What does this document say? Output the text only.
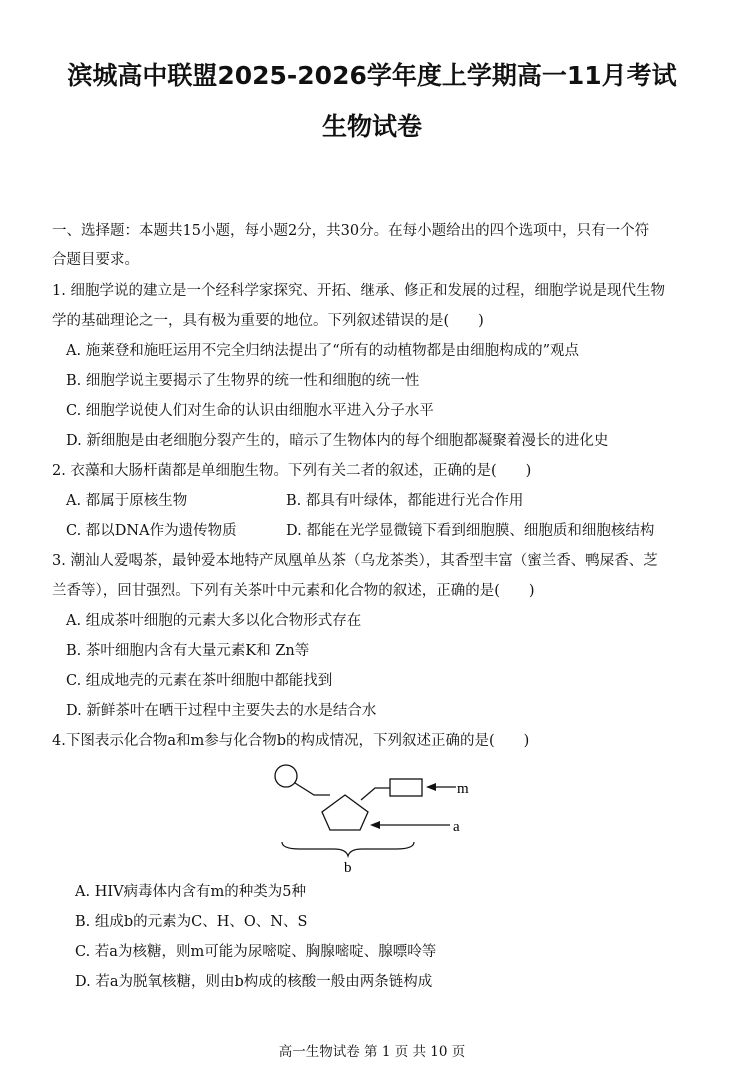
滨城高中联盟2025-2026学年度上学期高一11月考试
生物试卷
一、选择题：本题共15小题，每小题2分，共30分。在每小题给出的四个选项中，只有一个符
合题目要求。
1. 细胞学说的建立是一个经科学家探究、开拓、继承、修正和发展的过程，细胞学说是现代生物
学的基础理论之一，具有极为重要的地位。下列叙述错误的是(　　)
A. 施莱登和施旺运用不完全归纳法提出了“所有的动植物都是由细胞构成的”观点
B. 细胞学说主要揭示了生物界的统一性和细胞的统一性
C. 细胞学说使人们对生命的认识由细胞水平进入分子水平
D. 新细胞是由老细胞分裂产生的，暗示了生物体内的每个细胞都凝聚着漫长的进化史
2. 衣藻和大肠杆菌都是单细胞生物。下列有关二者的叙述，正确的是(　　)
A. 都属于原核生物	B. 都具有叶绿体，都能进行光合作用
C. 都以DNA作为遗传物质	D. 都能在光学显微镜下看到细胞膜、细胞质和细胞核结构
3. 潮汕人爱喝茶，最钟爱本地特产凤凰单丛茶（乌龙茶类），其香型丰富（蜜兰香、鸭屎香、芝
兰香等），回甘强烈。下列有关茶叶中元素和化合物的叙述，正确的是(　　)
A. 组成茶叶细胞的元素大多以化合物形式存在
B. 茶叶细胞内含有大量元素K和 Zn等
C. 组成地壳的元素在茶叶细胞中都能找到
D. 新鲜茶叶在晒干过程中主要失去的水是结合水
4.下图表示化合物a和m参与化合物b的构成情况，下列叙述正确的是(　　)
m
a
b
A. HIV病毒体内含有m的种类为5种
B. 组成b的元素为C、H、O、N、S
C. 若a为核糖，则m可能为尿嘧啶、胸腺嘧啶、腺嘌呤等
D. 若a为脱氧核糖，则由b构成的核酸一般由两条链构成
高一生物试卷 第 1 页 共 10 页
